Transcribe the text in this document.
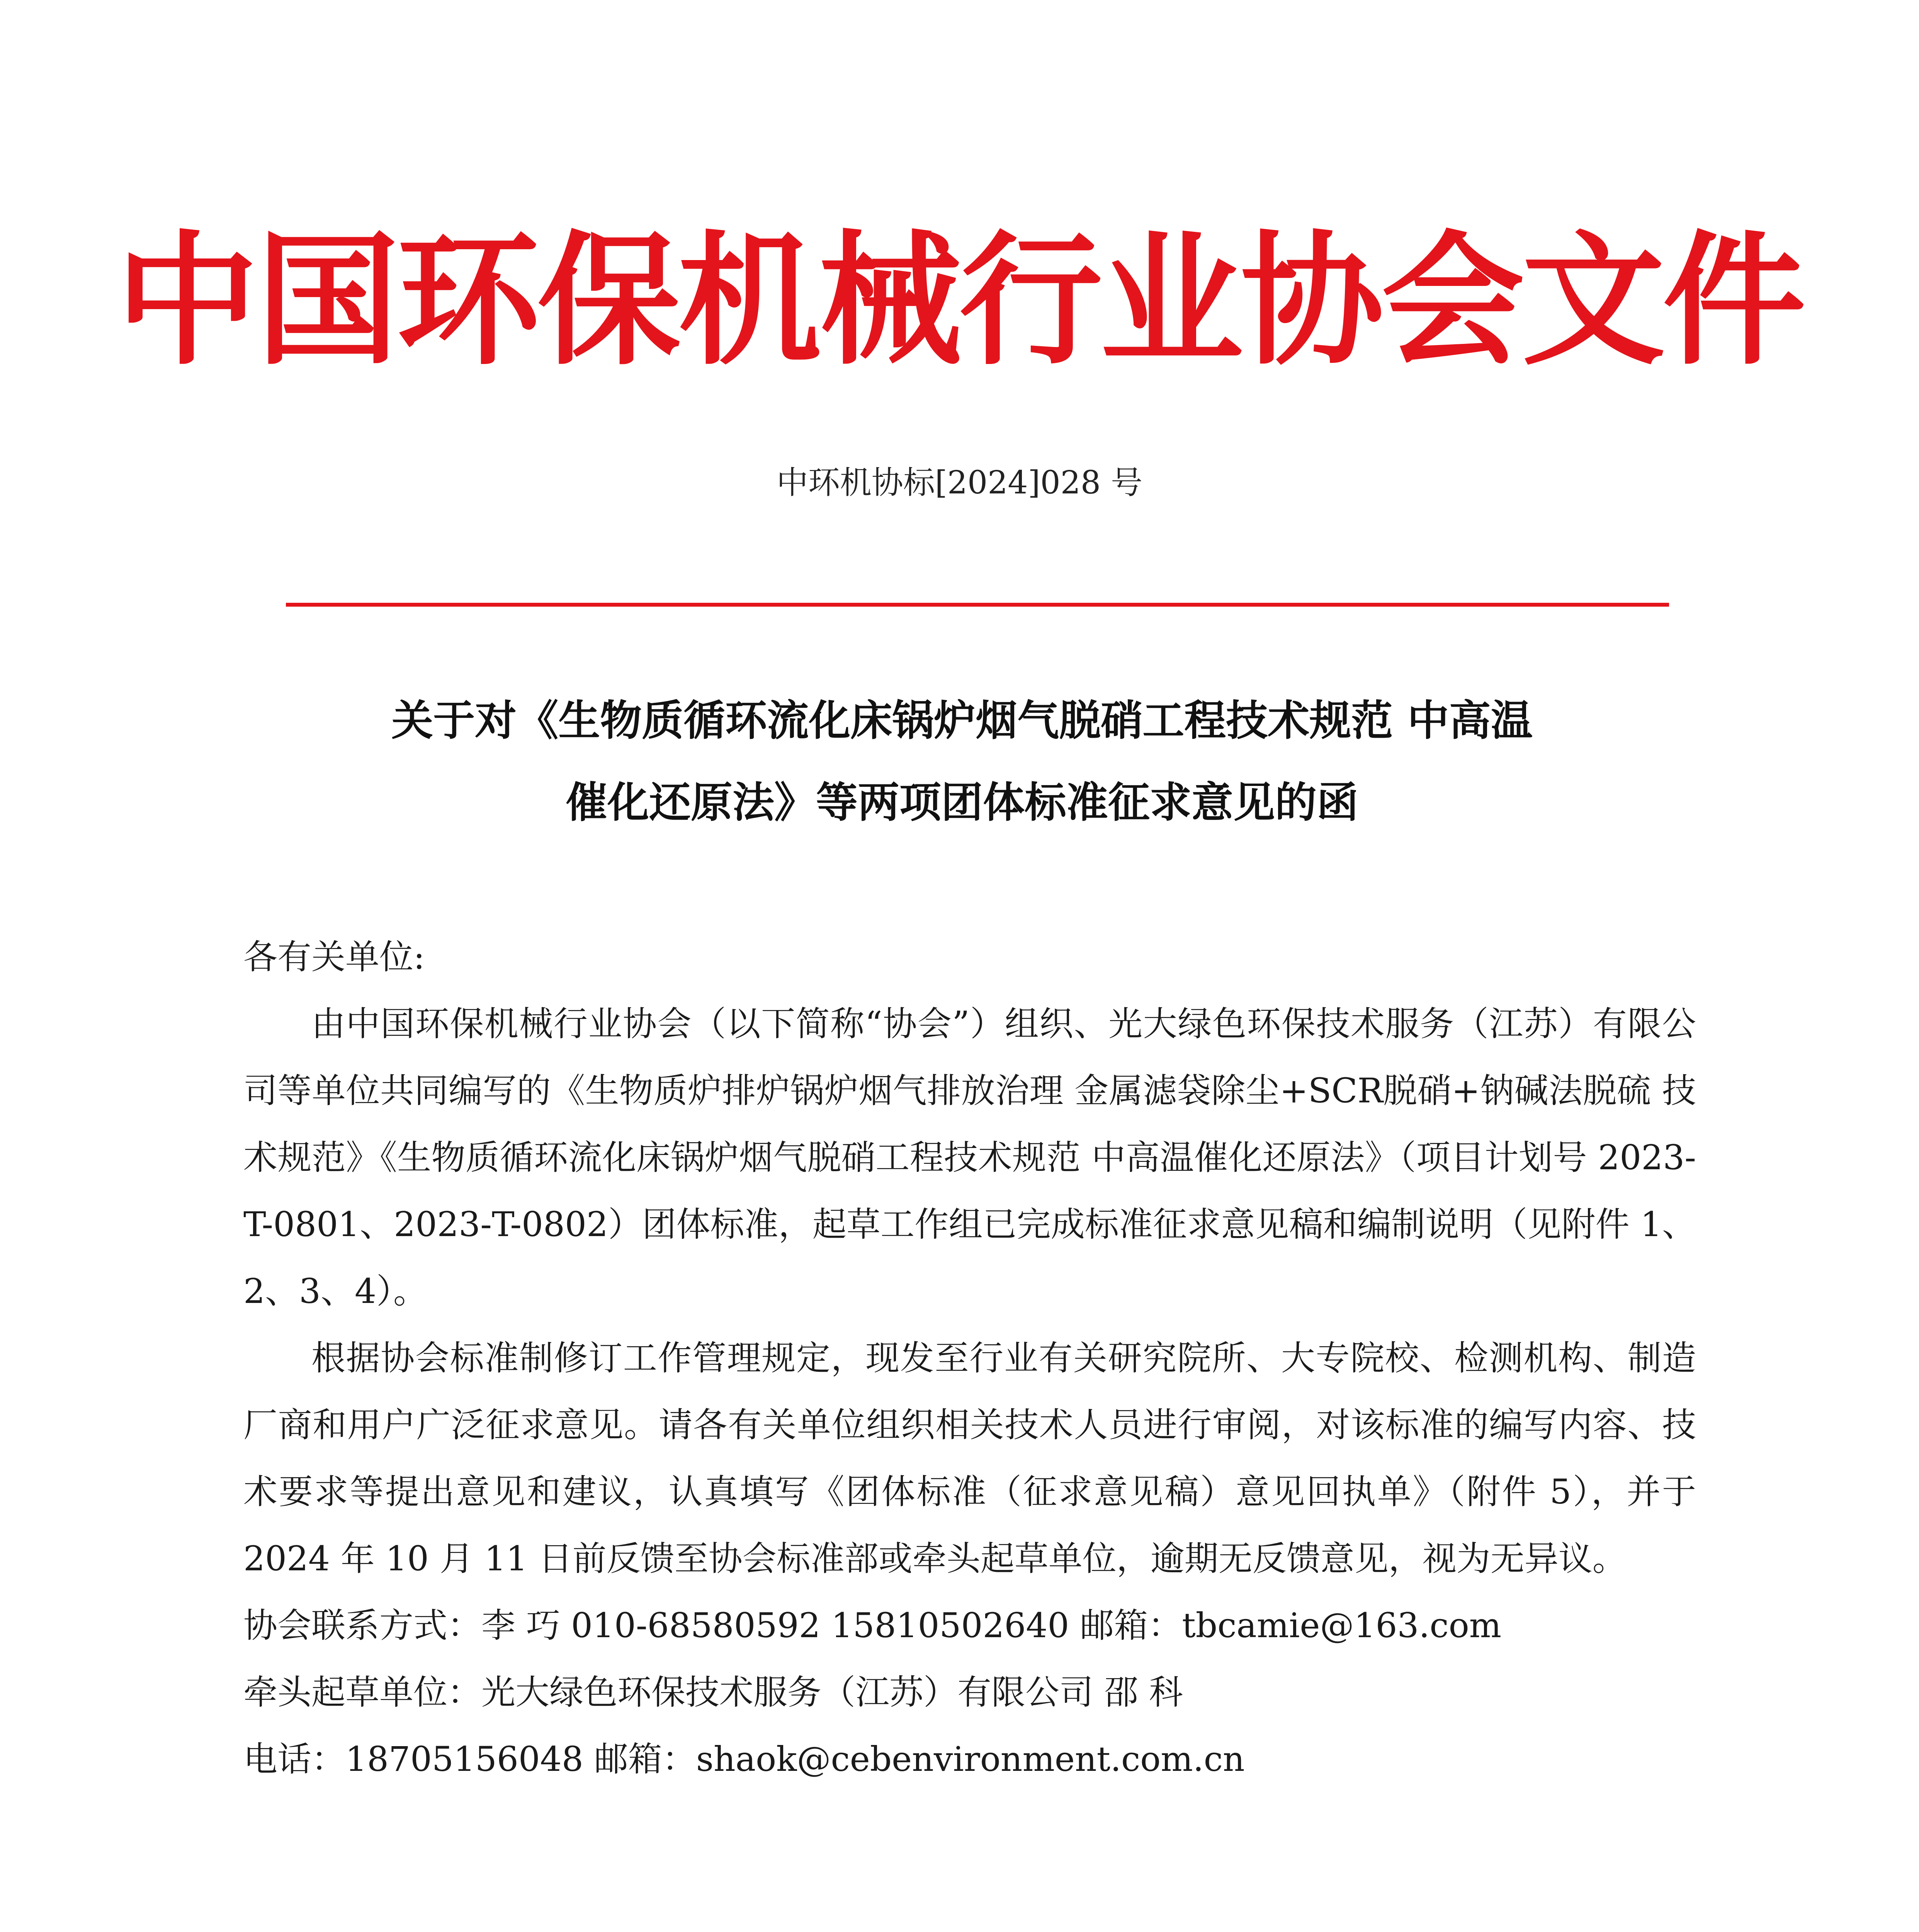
中国环保机械行业协会文件
中环机协标[2024]028 号
关于对《生物质循环流化床锅炉烟气脱硝工程技术规范 中高温
催化还原法》等两项团体标准征求意见的函

各有关单位:

由中国环保机械行业协会（以下简称“协会”）组织、光大绿色环保技术服务（江苏）有限公司等单位共同编写的《生物质炉排炉锅炉烟气排放治理 金属滤袋除尘+SCR脱硝+钠碱法脱硫 技术规范》《生物质循环流化床锅炉烟气脱硝工程技术规范 中高温催化还原法》（项目计划号 2023-T-0801、2023-T-0802）团体标准，起草工作组已完成标准征求意见稿和编制说明（见附件 1、2、3、4）。

根据协会标准制修订工作管理规定，现发至行业有关研究院所、大专院校、检测机构、制造厂商和用户广泛征求意见。请各有关单位组织相关技术人员进行审阅，对该标准的编写内容、技术要求等提出意见和建议，认真填写《团体标准（征求意见稿）意见回执单》（附件 5），并于 2024 年 10 月 11 日前反馈至协会标准部或牵头起草单位，逾期无反馈意见，视为无异议。

协会联系方式：李 巧 010-68580592 15810502640 邮箱：tbcamie@163.com

牵头起草单位：光大绿色环保技术服务（江苏）有限公司 邵 科

电话：18705156048 邮箱：shaok@cebenvironment.com.cn
